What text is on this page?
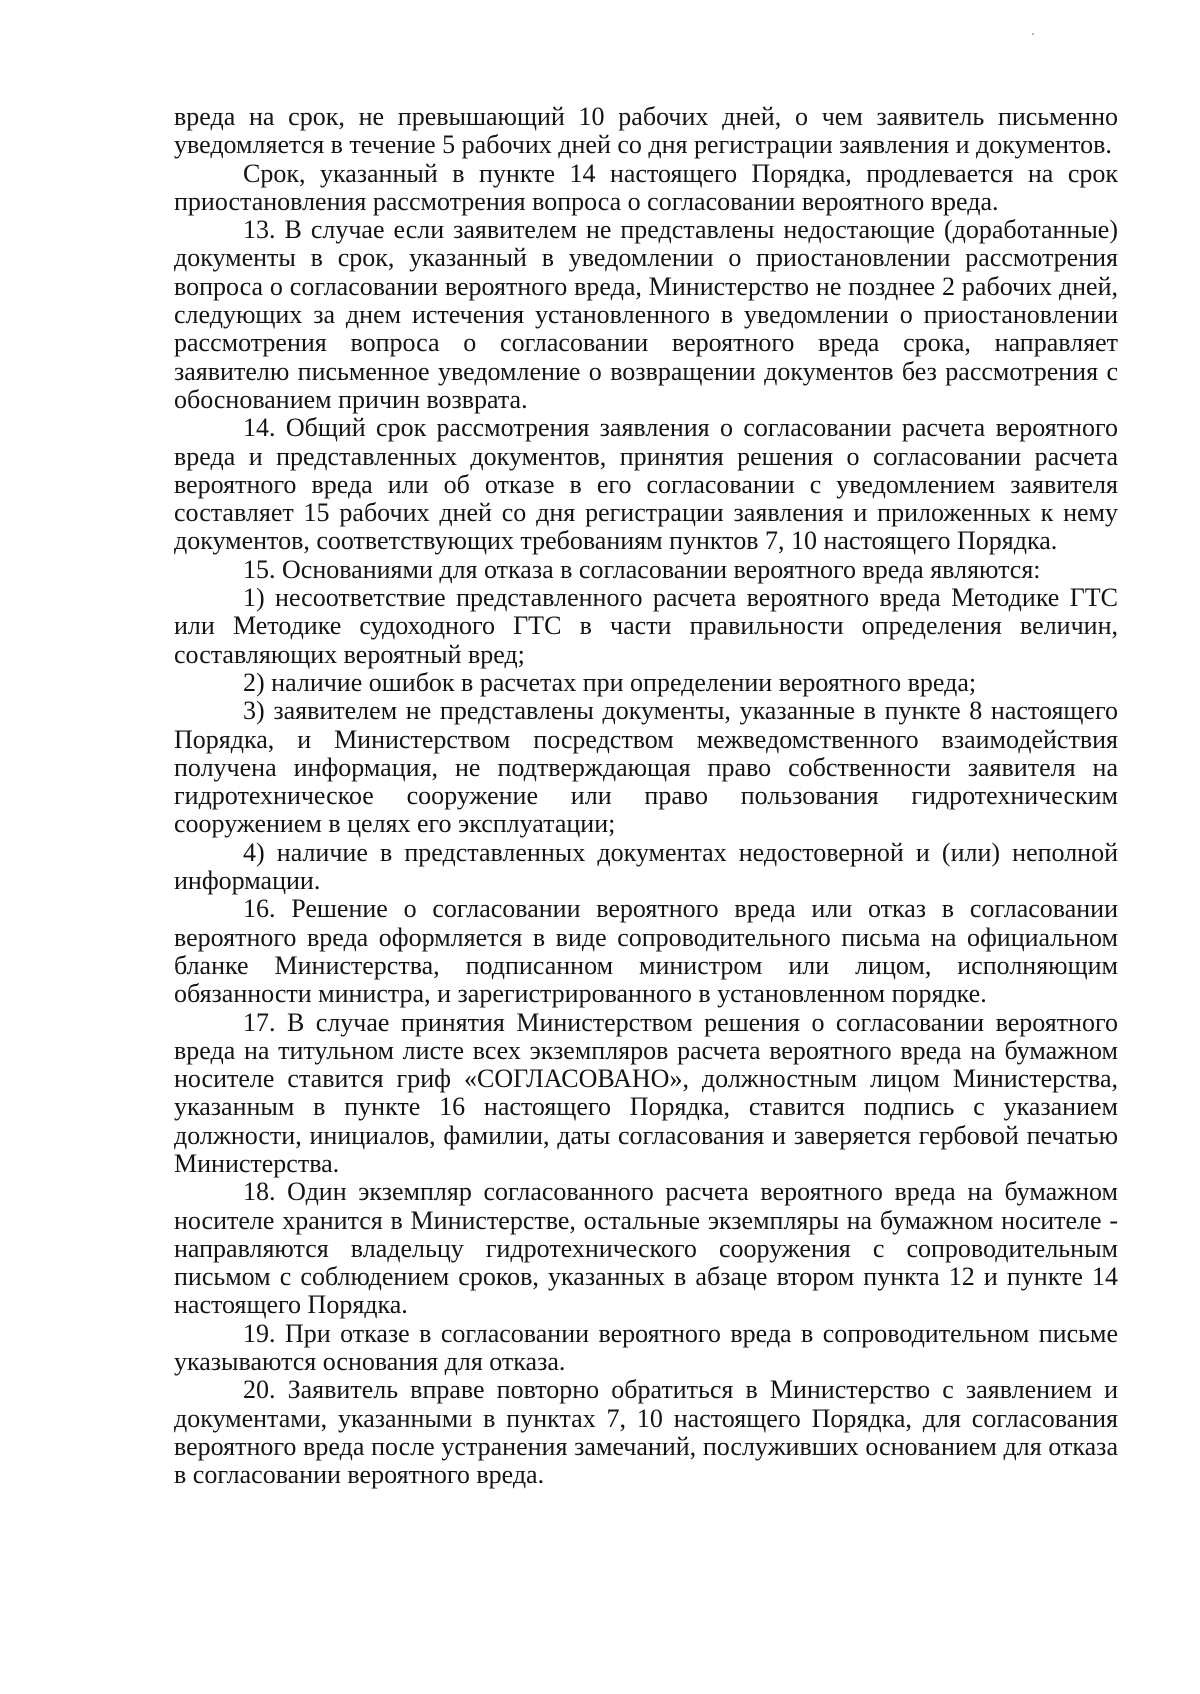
вреда на срок, не превышающий 10 рабочих дней, о чем заявитель письменно уведомляется в течение 5 рабочих дней со дня регистрации заявления и документов.

Срок, указанный в пункте 14 настоящего Порядка, продлевается на срок приостановления рассмотрения вопроса о согласовании вероятного вреда.

13. В случае если заявителем не представлены недостающие (доработанные) документы в срок, указанный в уведомлении о приостановлении рассмотрения вопроса о согласовании вероятного вреда, Министерство не позднее 2 рабочих дней, следующих за днем истечения установленного в уведомлении о приостановлении рассмотрения вопроса о согласовании вероятного вреда срока, направляет заявителю письменное уведомление о возвращении документов без рассмотрения с обоснованием причин возврата.

14. Общий срок рассмотрения заявления о согласовании расчета вероятного вреда и представленных документов, принятия решения о согласовании расчета вероятного вреда или об отказе в его согласовании с уведомлением заявителя составляет 15 рабочих дней со дня регистрации заявления и приложенных к нему документов, соответствующих требованиям пунктов 7, 10 настоящего Порядка.

15. Основаниями для отказа в согласовании вероятного вреда являются:

1) несоответствие представленного расчета вероятного вреда Методике ГТС или Методике судоходного ГТС в части правильности определения величин, составляющих вероятный вред;

2) наличие ошибок в расчетах при определении вероятного вреда;

3) заявителем не представлены документы, указанные в пункте 8 настоящего Порядка, и Министерством посредством межведомственного взаимодействия получена информация, не подтверждающая право собственности заявителя на гидротехническое сооружение или право пользования гидротехническим сооружением в целях его эксплуатации;

4) наличие в представленных документах недостоверной и (или) неполной информации.

16. Решение о согласовании вероятного вреда или отказ в согласовании вероятного вреда оформляется в виде сопроводительного письма на официальном бланке Министерства, подписанном министром или лицом, исполняющим обязанности министра, и зарегистрированного в установленном порядке.

17. В случае принятия Министерством решения о согласовании вероятного вреда на титульном листе всех экземпляров расчета вероятного вреда на бумажном носителе ставится гриф «СОГЛАСОВАНО», должностным лицом Министерства, указанным в пункте 16 настоящего Порядка, ставится подпись с указанием должности, инициалов, фамилии, даты согласования и заверяется гербовой печатью Министерства.

18. Один экземпляр согласованного расчета вероятного вреда на бумажном носителе хранится в Министерстве, остальные экземпляры на бумажном носителе - направляются владельцу гидротехнического сооружения с сопроводительным письмом с соблюдением сроков, указанных в абзаце втором пункта 12 и пункте 14 настоящего Порядка.

19. При отказе в согласовании вероятного вреда в сопроводительном письме указываются основания для отказа.

20. Заявитель вправе повторно обратиться в Министерство с заявлением и документами, указанными в пунктах 7, 10 настоящего Порядка, для согласования вероятного вреда после устранения замечаний, послуживших основанием для отказа в согласовании вероятного вреда.
